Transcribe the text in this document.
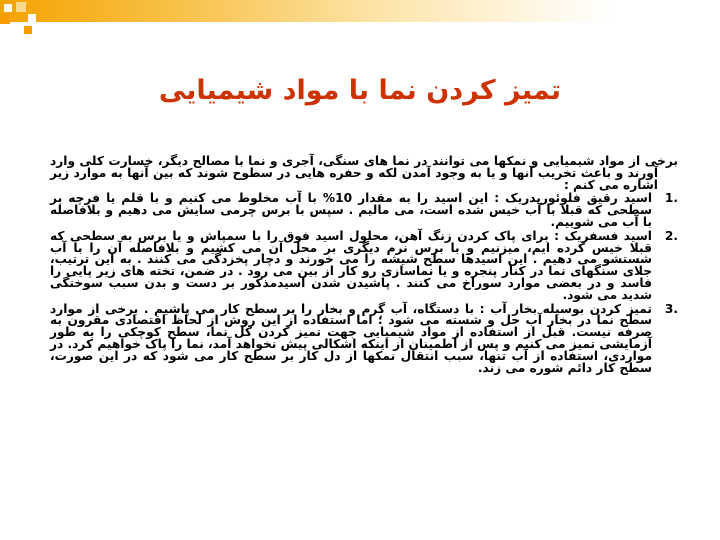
تمیز کردن نما با مواد شیمیایی
برخی از مواد شیمیایی و نمکها می توانند در نما های سنگی، آجری و نما با مصالح دیگر، خسارت کلی وارد آورند و باعث تخریب آنها و یا به وجود آمدن لکه و حفره هایی در سطوح شوند که بین آنها به موارد زیر اشاره می کنم :
1.
اسید رقیق فلوئوریدریک : این اسید را به مقدار 10% با آب مخلوط می کنیم و با قلم یا فرچه بر سطحی که قبلا با آب خیس شده است، می مالیم . سپس با برس چرمی سایش می دهیم و بلافاصله با آب می شوییم.
2.
اسید فسفریک : برای پاک کردن زنگ آهن، محلول اسید فوق را با سمپاش و یا برس به سطحی که قبلا خیس کرده ایم، میزنیم و با برس نرم دیگری بر محل آن می کشیم و بلافاصله آن را با آب شستشو می دهیم . این اسیدها سطح شیشه را می خورند و دچار پخزدگی می کنند . به این ترتیب، جلای سنگهای نما در کنار پنجره و یا نماسازی رو کار از بین می رود . در ضمن، تخته های زیر پایی را فاسد و در بعضی موارد سوراخ می کنند . پاشیدن شدن اسیدمذکور بر دست و بدن سبب سوختگی شدید می شود.
3.
تمیز کردن بوسیله بخار آب : با دستگاه، آب گرم و بخار را بر سطح کار می پاشیم . برخی از موارد سطح نما در بخار آب حل و شسته می شود ؛ اما استفاده از این روش از لحاظ اقتصادی مقرون به صرفه نیست. قبل از استفاده از مواد شیمیایی جهت تمیز کردن کل نما، سطح کوچکی را به طور آزمایشی تمیز می کنیم و پس از اطمینان از اینکه اشکالی پیش نخواهد آمد، نما را پاک خواهیم کرد. در مواردی، استفاده از آب تنها، سبب انتقال نمکها از دل کار بر سطح کار می شود که در این صورت، سطح کار دائم شوره می زند.
